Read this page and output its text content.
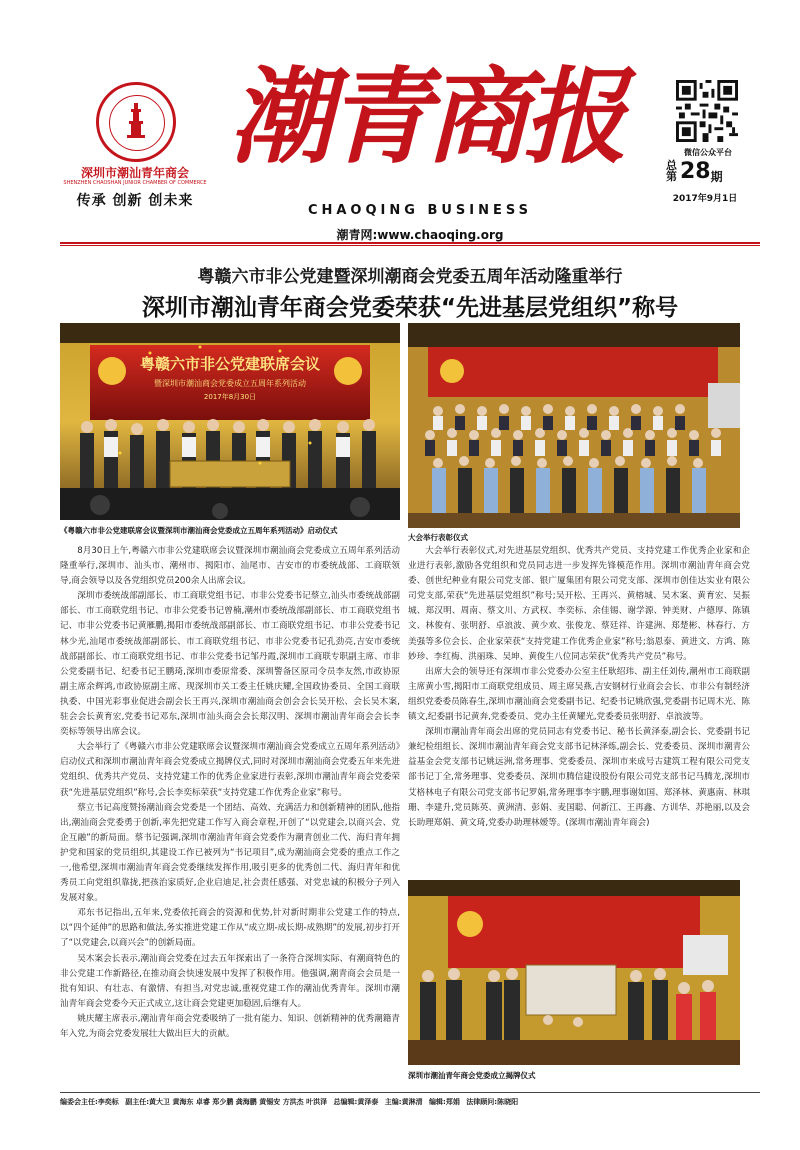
深圳市潮汕青年商会
SHENZHEN CHAOSHAN JUNIOR CHAMBER OF COMMERCE
传承 创新 创未来
潮青商报
CHAOQING BUSINESS
潮青网:www.chaoqing.org
微信公众平台
总第 28期
2017年9月1日
粤赣六市非公党建暨深圳潮商会党委五周年活动隆重举行
深圳市潮汕青年商会党委荣获“先进基层党组织”称号
粤赣六市非公党建联席会议
暨深圳市潮汕商会党委成立五周年系列活动
2017年8月30日
《粤赣六市非公党建联席会议暨深圳市潮汕商会党委成立五周年系列活动》启动仪式
大会举行表彰仪式

8月30日上午,粤赣六市非公党建联席会议暨深圳市潮汕商会党委成立五周年系列活动隆重举行,深圳市、汕头市、潮州市、揭阳市、汕尾市、吉安市的市委统战部、工商联领导,商会领导以及各党组织党员200余人出席会议。

深圳市委统战部副部长、市工商联党组书记、市非公党委书记蔡立,汕头市委统战部副部长、市工商联党组书记、市非公党委书记曾楠,潮州市委统战部副部长、市工商联党组书记、市非公党委书记黄雁鹏,揭阳市委统战部副部长、市工商联党组书记、市非公党委书记林少光,汕尾市委统战部副部长、市工商联党组书记、市非公党委书记孔劲亮,吉安市委统战部副部长、市工商联党组书记、市非公党委书记邹丹霞,深圳市工商联专职副主席、市非公党委副书记、纪委书记王鹏琦,深圳市委原常委、深圳警备区原司令员李友然,市政协原副主席余辉鸿,市政协原副主席、现深圳市关工委主任姚庆耀,全国政协委员、全国工商联执委、中国光彩事业促进会副会长王再兴,深圳市潮汕商会创会会长吴开松、会长吴木案,驻会会长黄育宏,党委书记邓东,深圳市汕头商会会长郑汉明、深圳市潮汕青年商会会长李奕标等领导出席会议。

大会举行了《粤赣六市非公党建联席会议暨深圳市潮汕商会党委成立五周年系列活动》启动仪式和深圳市潮汕青年商会党委成立揭牌仪式,同时对深圳市潮汕商会党委五年来先进党组织、优秀共产党员、支持党建工作的优秀企业家进行表彰,深圳市潮汕青年商会党委荣获“先进基层党组织”称号,会长李奕标荣获“支持党建工作优秀企业家”称号。

蔡立书记高度赞扬潮汕商会党委是一个团结、高效、充满活力和创新精神的团队,他指出,潮汕商会党委勇于创新,率先把党建工作写入商会章程,开创了“以党建会,以商兴会、党企互融”的新局面。蔡书记强调,深圳市潮汕青年商会党委作为潮青创业二代、海归青年拥护党和国家的党员组织,其建设工作已被列为“书记项目”,成为潮汕商会党委的重点工作之一,他希望,深圳市潮汕青年商会党委继续发挥作用,吸引更多的优秀创二代、海归青年和优秀员工向党组织靠拢,把孩治家质好,企业启迪足,社会责任感强、对党忠诚的积极分子列入发展对象。

邓东书记指出,五年来,党委依托商会的资源和优势,针对新时期非公党建工作的特点,以“四个延伸”的思路和做法,务实推进党建工作从“成立期-成长期-成熟期”的发展,初步打开了“以党建会,以商兴会”的创新局面。

吴木案会长表示,潮汕商会党委在过去五年探索出了一条符合深圳实际、有潮商特色的非公党建工作新路径,在推动商会快速发展中发挥了积极作用。他强调,潮青商会会员是一批有知识、有壮志、有激情、有担当,对党忠诚,重视党建工作的潮汕优秀青年。深圳市潮汕青年商会党委今天正式成立,这让商会党建更加稳固,后继有人。

姚庆耀主席表示,潮汕青年商会党委吸纳了一批有能力、知识、创新精神的优秀潮籍青年入党,为商会党委发展壮大做出巨大的贡献。

大会举行表彰仪式,对先进基层党组织、优秀共产党员、支持党建工作优秀企业家和企业进行表彰,激励各党组织和党员同志进一步发挥先锋模范作用。深圳市潮汕青年商会党委、创世纪种业有限公司党支部、银广厦集团有限公司党支部、深圳市创佳达实业有限公司党支部,荣获“先进基层党组织”称号;吴开松、王再兴、黄榕城、吴木案、黄育宏、吴振城、郑汉明、周南、蔡文川、方武权、李奕标、余佳锡、谢学源、钟美财、卢德厚、陈镇文、林俊有、张明舒、卓浪波、黄少欢、张俊龙、蔡廷祥、许建洲、郑楚彬、林春行、方美强等多位会长、企业家荣获“支持党建工作优秀企业家”称号;翁恩泰、黄进文、方鸿、陈妙珍、李红梅、洪丽珠、吴坤、黄俊生八位同志荣获“优秀共产党员”称号。

出席大会的领导还有深圳市非公党委办公室主任耿绍玮、副主任刘传,潮州市工商联副主席黄小雪,揭阳市工商联党组成员、周主席吴燕,吉安钢材行业商会会长、市非公有制经济组织党委委员陈春生,深圳市潮汕商会党委副书记、纪委书记姚欣强,党委副书记周木光、陈镇文,纪委副书记黄奔,党委委员、党办主任黄耀光,党委委员张明舒、卓浪波等。

深圳市潮汕青年商会出席的党员同志有党委书记、秘书长黄泽泰,副会长、党委副书记兼纪检组组长、深圳市潮汕青年商会党支部书记林泽炼,副会长、党委委员、深圳市潮青公益基金会党支部书记姚远洲,常务理事、党委委员、深圳市来成号古建筑工程有限公司党支部书记丁全,常务理事、党委委员、深圳市腾信建设股份有限公司党支部书记马腾龙,深圳市艾格林电子有限公司党支部书记罗娟,常务理事李宇鹏,理事谢如国、郑泽林、黄惠南、林琪珊、李建升,党员陈英、黄洲清、彭娟、麦国聪、何新江、王再鑫、方训华、苏艳丽,以及会长助理郑娟、黄文琦,党委办助理林嫒等。(深圳市潮汕青年商会)

深圳市潮汕青年商会党委成立揭牌仪式
编委会主任:李奕标 副主任:黄大卫 黄海东 卓睿 郑少鹏 龚海鹏 黄锡安 方洪杰 叶洪泽 总编辑:黄泽泰 主编:黄淋清 编辑:郑娟 法律顾问:陈晓阳
